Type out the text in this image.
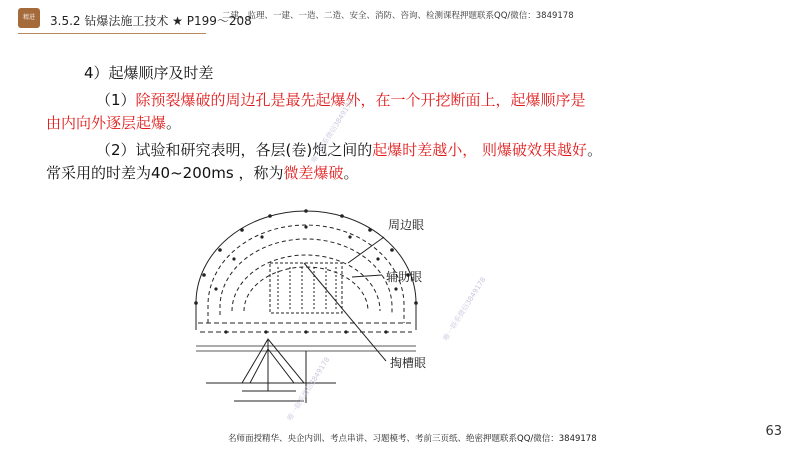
精进	3.5.2 钻爆法施工技术 ★ P199～208
二建、监理、一建、一造、二造、安全、消防、咨询、检测课程押题联系QQ/微信：3849178
4）起爆顺序及时差
（1）除预裂爆破的周边孔是最先起爆外，在一个开挖断面上，起爆顺序是
由内向外逐层起爆。
（2）试验和研究表明，各层(卷)炮之间的起爆时差越小， 则爆破效果越好。
常采用的时差为40~200ms ，称为微差爆破。
周边眼
辅助眼
掏槽眼
唯一联系微信3849178
唯一联系微信3849178
唯一联系微信3849178
63
名师面授精华、央企内训、考点串讲、习题模考、考前三页纸、绝密押题联系QQ/微信：3849178
